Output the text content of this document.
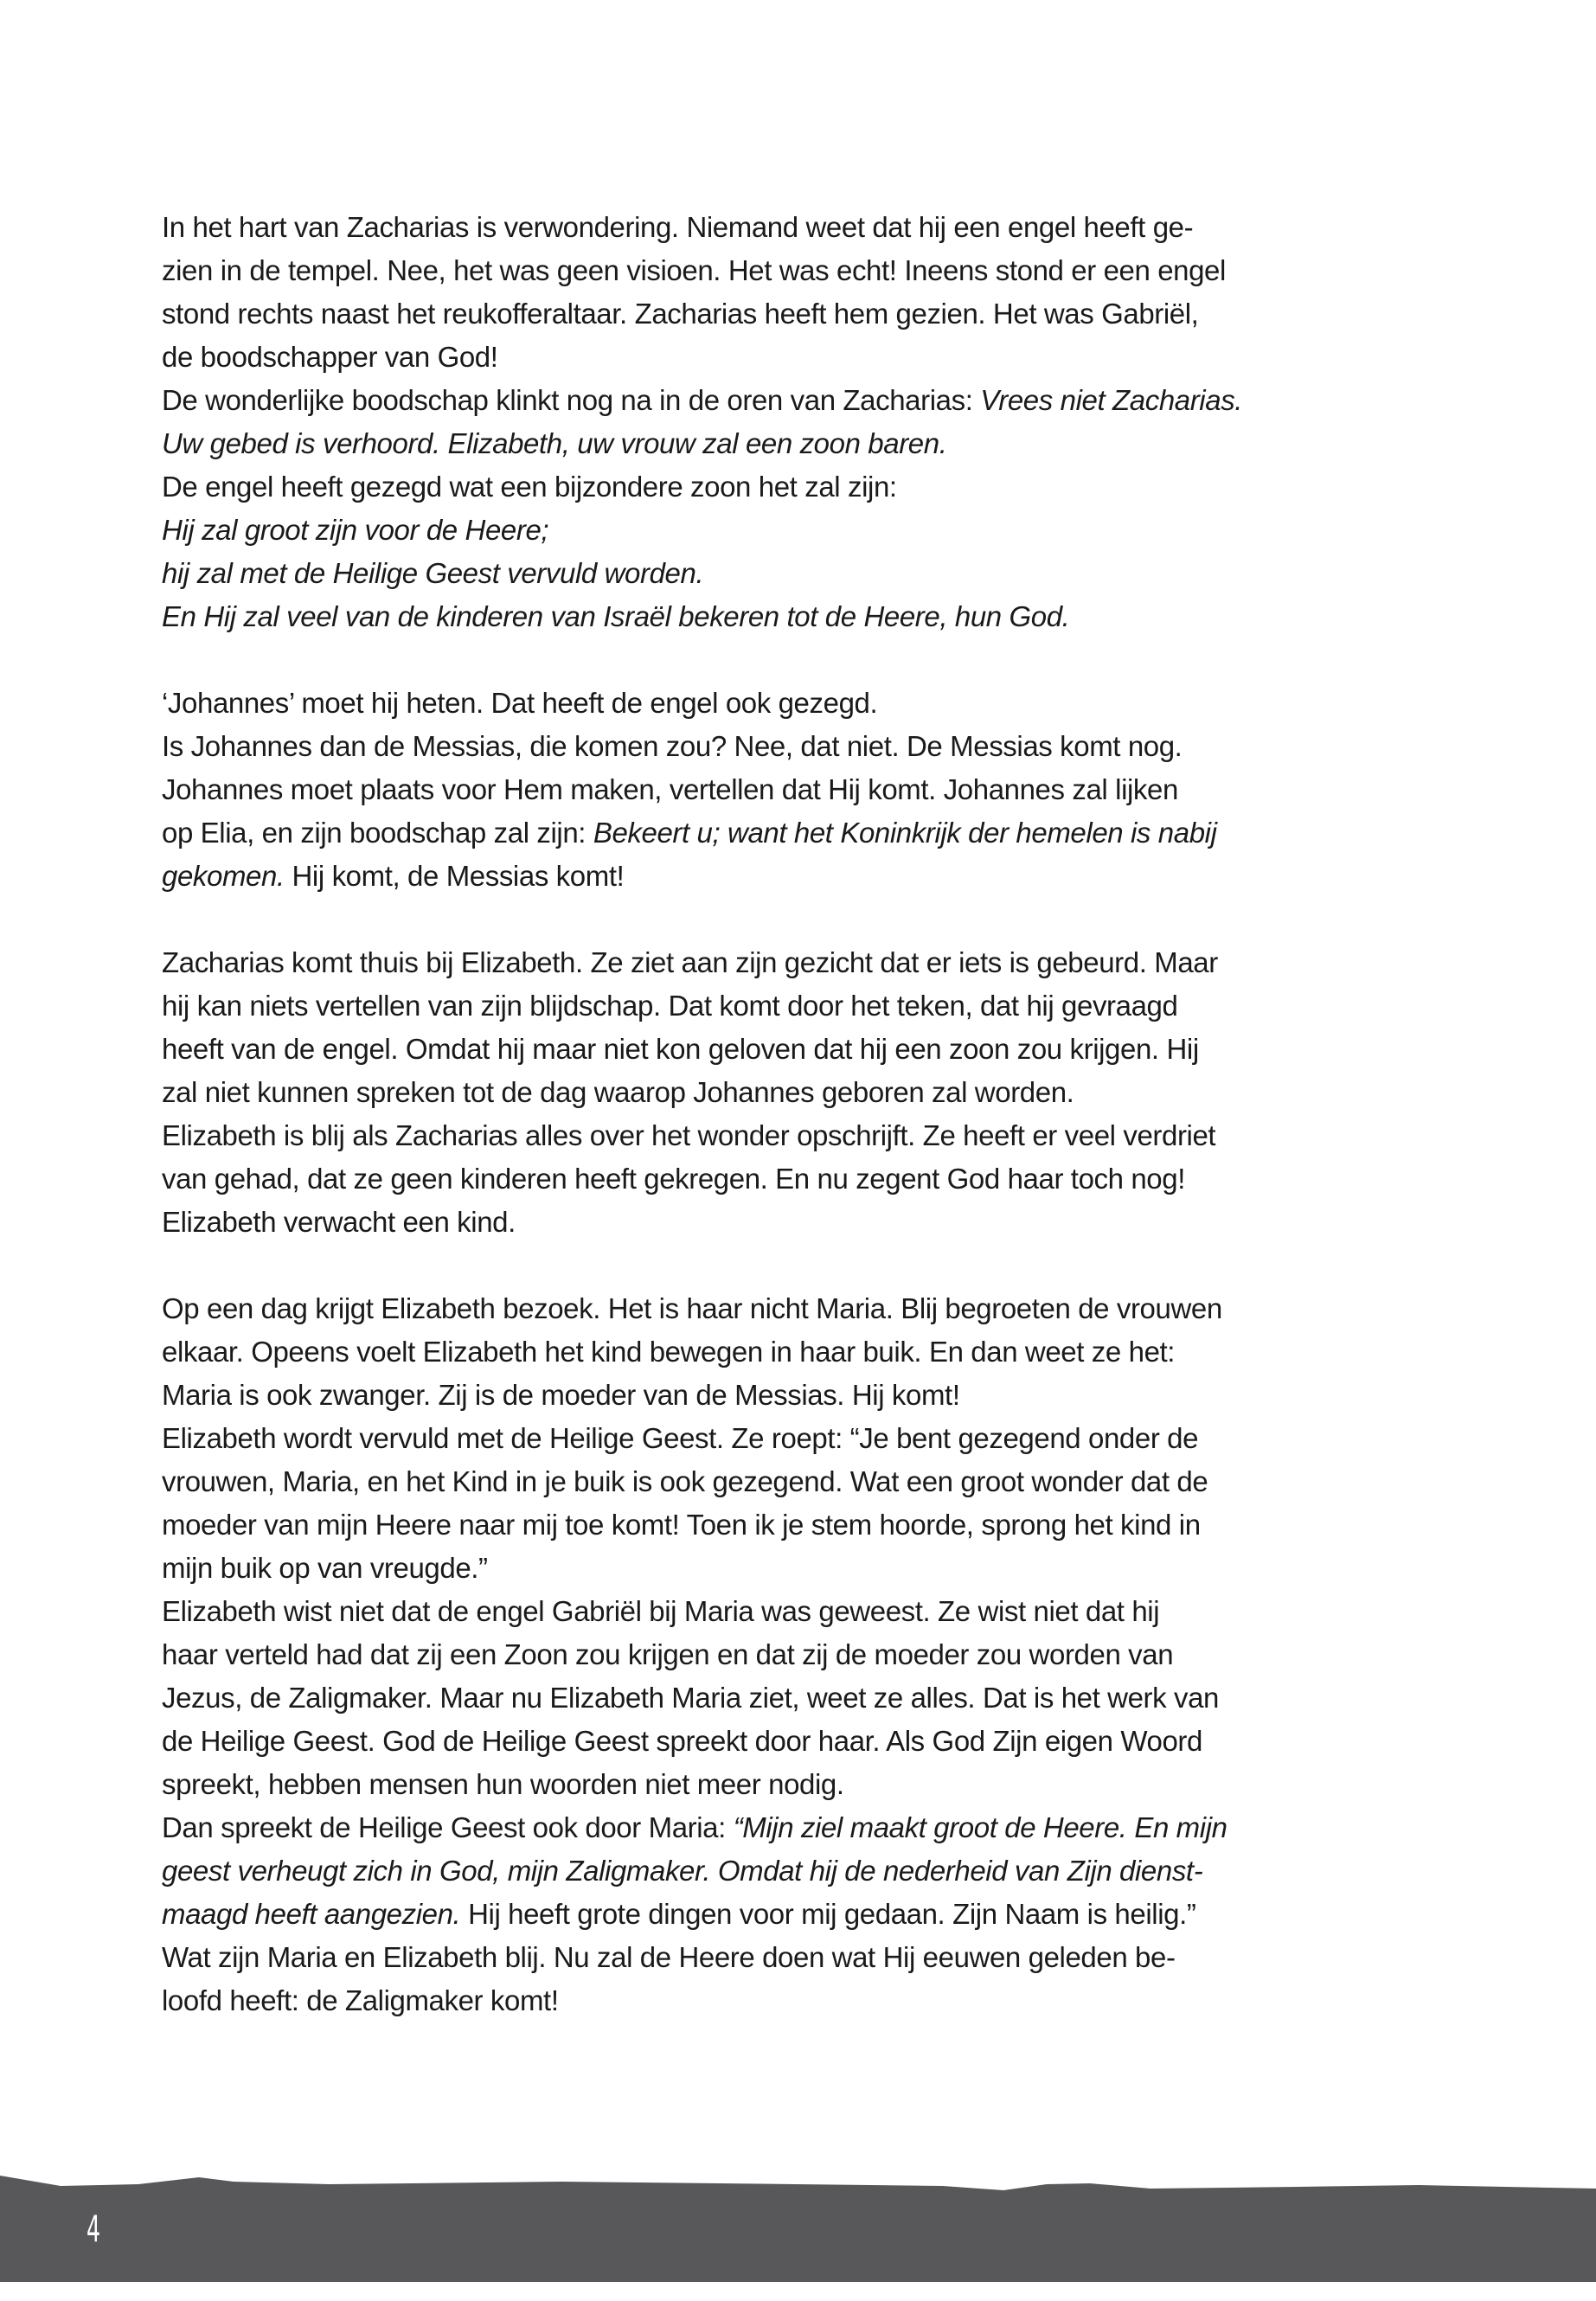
In het hart van Zacharias is verwondering. Niemand weet dat hij een engel heeft ge-
zien in de tempel. Nee, het was geen visioen. Het was echt! Ineens stond er een engel
stond rechts naast het reukofferaltaar. Zacharias heeft hem gezien. Het was Gabriël,
de boodschapper van God!
De wonderlijke boodschap klinkt nog na in de oren van Zacharias: Vrees niet Zacharias.
Uw gebed is verhoord. Elizabeth, uw vrouw zal een zoon baren.
De engel heeft gezegd wat een bijzondere zoon het zal zijn:
Hij zal groot zijn voor de Heere;
hij zal met de Heilige Geest vervuld worden.
En Hij zal veel van de kinderen van Israël bekeren tot de Heere, hun God.
‘Johannes’ moet hij heten. Dat heeft de engel ook gezegd.
Is Johannes dan de Messias, die komen zou? Nee, dat niet. De Messias komt nog.
Johannes moet plaats voor Hem maken, vertellen dat Hij komt. Johannes zal lijken
op Elia, en zijn boodschap zal zijn: Bekeert u; want het Koninkrijk der hemelen is nabij
gekomen. Hij komt, de Messias komt!
Zacharias komt thuis bij Elizabeth. Ze ziet aan zijn gezicht dat er iets is gebeurd. Maar
hij kan niets vertellen van zijn blijdschap. Dat komt door het teken, dat hij gevraagd
heeft van de engel. Omdat hij maar niet kon geloven dat hij een zoon zou krijgen. Hij
zal niet kunnen spreken tot de dag waarop Johannes geboren zal worden.
Elizabeth is blij als Zacharias alles over het wonder opschrijft. Ze heeft er veel verdriet
van gehad, dat ze geen kinderen heeft gekregen. En nu zegent God haar toch nog!
Elizabeth verwacht een kind.
Op een dag krijgt Elizabeth bezoek. Het is haar nicht Maria. Blij begroeten de vrouwen
elkaar. Opeens voelt Elizabeth het kind bewegen in haar buik. En dan weet ze het:
Maria is ook zwanger. Zij is de moeder van de Messias. Hij komt!
Elizabeth wordt vervuld met de Heilige Geest. Ze roept: “Je bent gezegend onder de
vrouwen, Maria, en het Kind in je buik is ook gezegend. Wat een groot wonder dat de
moeder van mijn Heere naar mij toe komt! Toen ik je stem hoorde, sprong het kind in
mijn buik op van vreugde.”
Elizabeth wist niet dat de engel Gabriël bij Maria was geweest. Ze wist niet dat hij
haar verteld had dat zij een Zoon zou krijgen en dat zij de moeder zou worden van
Jezus, de Zaligmaker. Maar nu Elizabeth Maria ziet, weet ze alles. Dat is het werk van
de Heilige Geest. God de Heilige Geest spreekt door haar. Als God Zijn eigen Woord
spreekt, hebben mensen hun woorden niet meer nodig.
Dan spreekt de Heilige Geest ook door Maria: “Mijn ziel maakt groot de Heere. En mijn
geest verheugt zich in God, mijn Zaligmaker. Omdat hij de nederheid van Zijn dienst-
maagd heeft aangezien. Hij heeft grote dingen voor mij gedaan. Zijn Naam is heilig.”
Wat zijn Maria en Elizabeth blij. Nu zal de Heere doen wat Hij eeuwen geleden be-
loofd heeft: de Zaligmaker komt!
4
